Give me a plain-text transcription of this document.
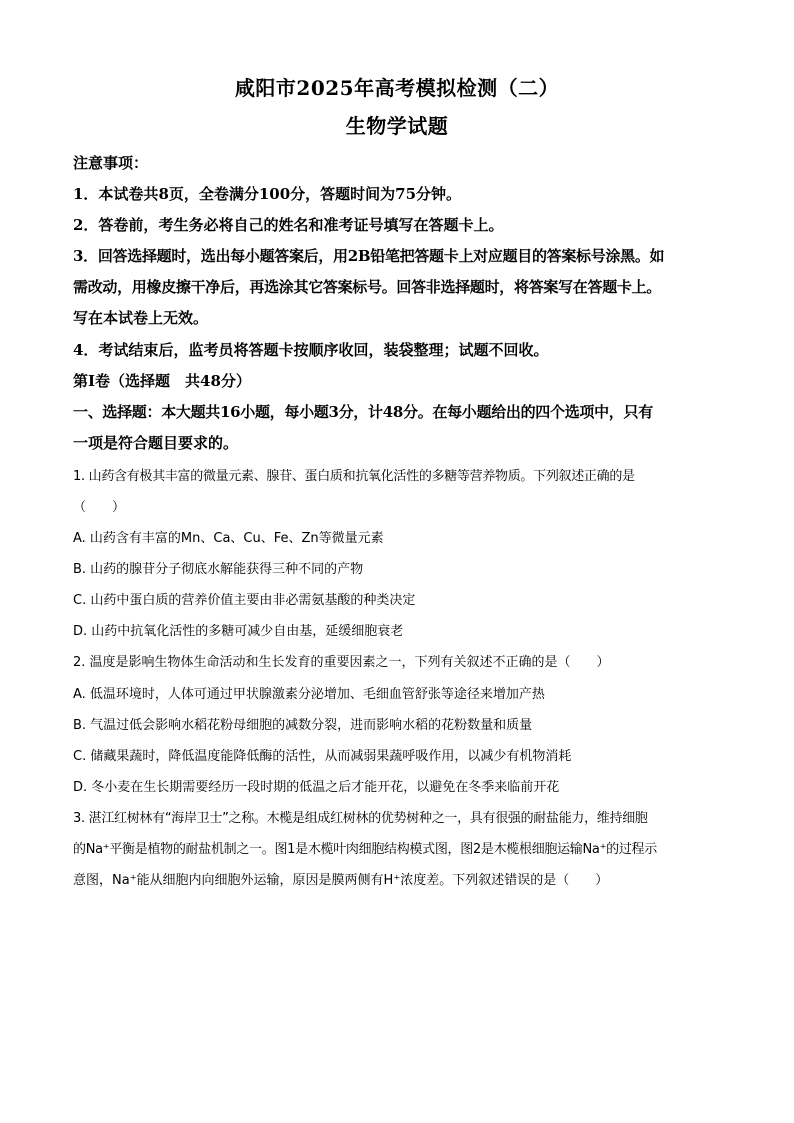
咸阳市2025年高考模拟检测（二）
生物学试题
注意事项：
1．本试卷共8页，全卷满分100分，答题时间为75分钟。
2．答卷前，考生务必将自己的姓名和准考证号填写在答题卡上。
3．回答选择题时，选出每小题答案后，用2B铅笔把答题卡上对应题目的答案标号涂黑。如
需改动，用橡皮擦干净后，再选涂其它答案标号。回答非选择题时，将答案写在答题卡上。
写在本试卷上无效。
4．考试结束后，监考员将答题卡按顺序收回，装袋整理；试题不回收。
第Ⅰ卷（选择题　共48分）
一、选择题：本大题共16小题，每小题3分，计48分。在每小题给出的四个选项中，只有
一项是符合题目要求的。
1. 山药含有极其丰富的微量元素、腺苷、蛋白质和抗氧化活性的多糖等营养物质。下列叙述正确的是
（　　）
A. 山药含有丰富的Mn、Ca、Cu、Fe、Zn等微量元素
B. 山药的腺苷分子彻底水解能获得三种不同的产物
C. 山药中蛋白质的营养价值主要由非必需氨基酸的种类决定
D. 山药中抗氧化活性的多糖可减少自由基，延缓细胞衰老
2. 温度是影响生物体生命活动和生长发育的重要因素之一，下列有关叙述不正确的是（　　）
A. 低温环境时，人体可通过甲状腺激素分泌增加、毛细血管舒张等途径来增加产热
B. 气温过低会影响水稻花粉母细胞的减数分裂，进而影响水稻的花粉数量和质量
C. 储藏果蔬时，降低温度能降低酶的活性，从而减弱果蔬呼吸作用，以减少有机物消耗
D. 冬小麦在生长期需要经历一段时期的低温之后才能开花，以避免在冬季来临前开花
3. 湛江红树林有“海岸卫士”之称。木榄是组成红树林的优势树种之一，具有很强的耐盐能力，维持细胞
的Na⁺平衡是植物的耐盐机制之一。图1是木榄叶肉细胞结构模式图，图2是木榄根细胞运输Na⁺的过程示
意图，Na⁺能从细胞内向细胞外运输，原因是膜两侧有H⁺浓度差。下列叙述错误的是（　　）
